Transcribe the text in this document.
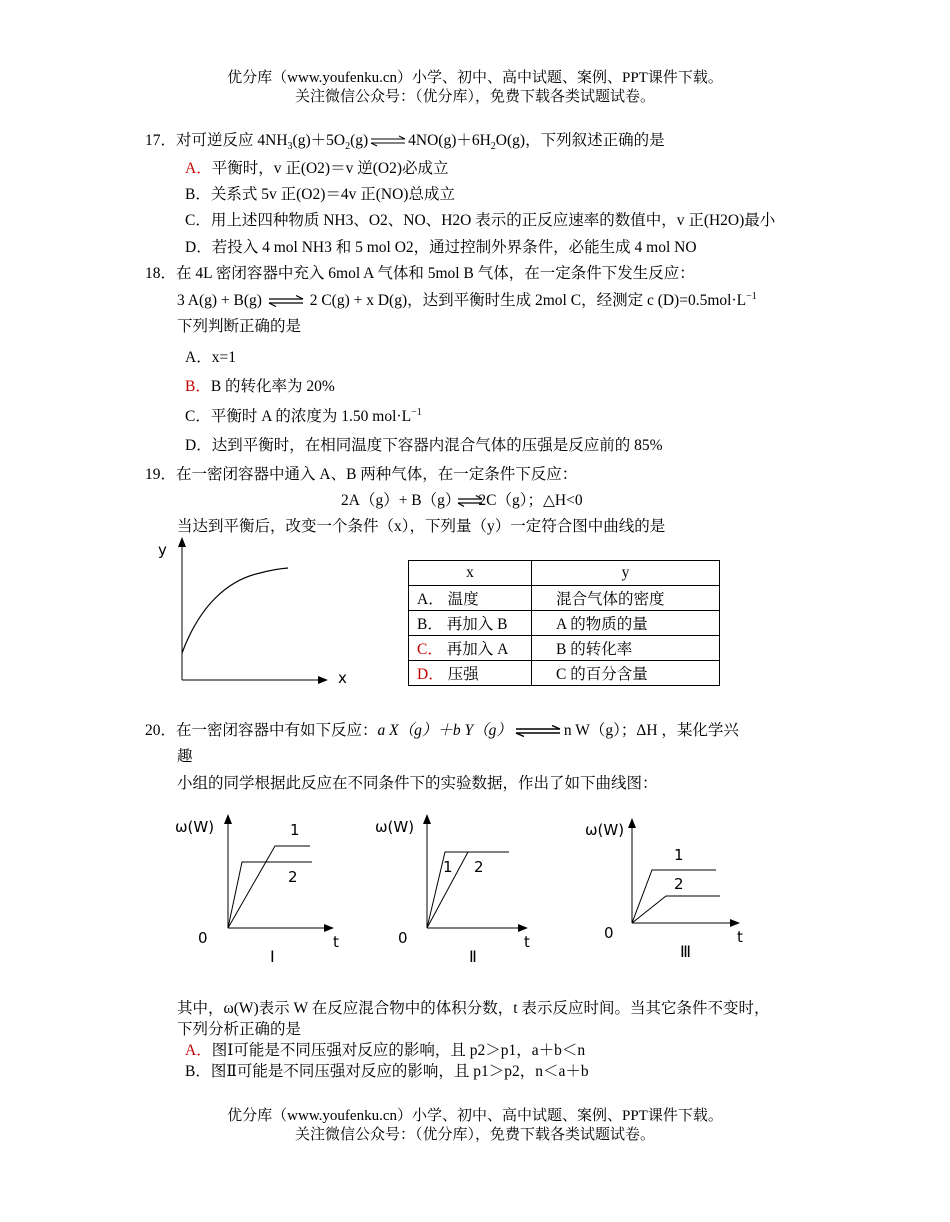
优分库（www.youfenku.cn）小学、初中、高中试题、案例、PPT课件下载。
关注微信公众号：（优分库），免费下载各类试题试卷。
17．对可逆反应 $4NH_3(g)+5O_2(g)\rightleftharpoons 4NO(g)+6H_2O(g)$，下列叙述正确的是
A．平衡时，v 正(O2)＝v 逆(O2)必成立
B．关系式 5v 正(O2)＝4v 正(NO)总成立
C．用上述四种物质 NH3、O2、NO、H2O 表示的正反应速率的数值中，v 正(H2O)最小
D．若投入 4 mol NH3 和 5 mol O2，通过控制外界条件，必能生成 4 mol NO
18．在 4L 密闭容器中充入 6mol A 气体和 5mol B 气体，在一定条件下发生反应：
3 A(g) + B(g) ⇌ 2 C(g) + x D(g)，达到平衡时生成 2mol C，经测定 c $(D)=0.5mol\cdot L^{-1}$
下列判断正确的是
A．x=1
B．B 的转化率为 20%
C．平衡时 A 的浓度为 1.50 $mol\cdot L^{-1}$
D．达到平衡时，在相同温度下容器内混合气体的压强是反应前的 85%
19．在一密闭容器中通入 A、B 两种气体，在一定条件下反应：
2A（g）+ B（g） 2C（g）；△H<0
当达到平衡后，改变一个条件（x），下列量（y）一定符合图中曲线的是
y
x
x	y
A． 温度	混合气体的密度
B． 再加入 B	A 的物质的量
C． 再加入 A	B 的转化率
D． 压强	C 的百分含量
20．在一密闭容器中有如下反应：a X（g）＋b Y（g）⇌n W（g）；ΔH ，某化学兴
趣
小组的同学根据此反应在不同条件下的实验数据，作出了如下曲线图：
ω(W)
t
0
1
2
Ⅰ
ω(W)
t
0
1 2
Ⅱ
ω(W)
t
0
1
2
Ⅲ
其中，ω(W)表示 W 在反应混合物中的体积分数，t 表示反应时间。当其它条件不变时，
下列分析正确的是
A．图Ⅰ可能是不同压强对反应的影响，且 p2＞p1，a＋b＜n
B．图Ⅱ可能是不同压强对反应的影响，且 p1＞p2，n＜a＋b
优分库（www.youfenku.cn）小学、初中、高中试题、案例、PPT课件下载。
关注微信公众号：（优分库），免费下载各类试题试卷。
